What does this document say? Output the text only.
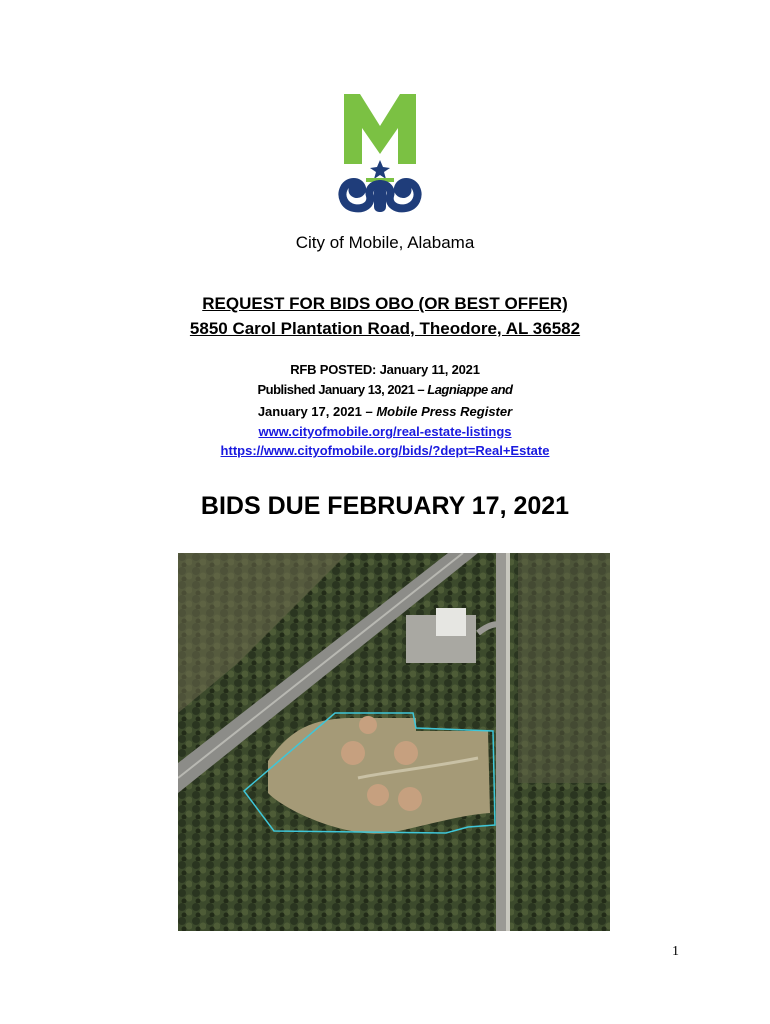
City of Mobile, Alabama
REQUEST FOR BIDS OBO (OR BEST OFFER)
5850 Carol Plantation Road, Theodore, AL 36582
RFB POSTED: January 11, 2021
Published January 13, 2021 – Lagniappe and
January 17, 2021 – Mobile Press Register
www.cityofmobile.org/real-estate-listings
https://www.cityofmobile.org/bids/?dept=Real+Estate
BIDS DUE FEBRUARY 17, 2021
1
